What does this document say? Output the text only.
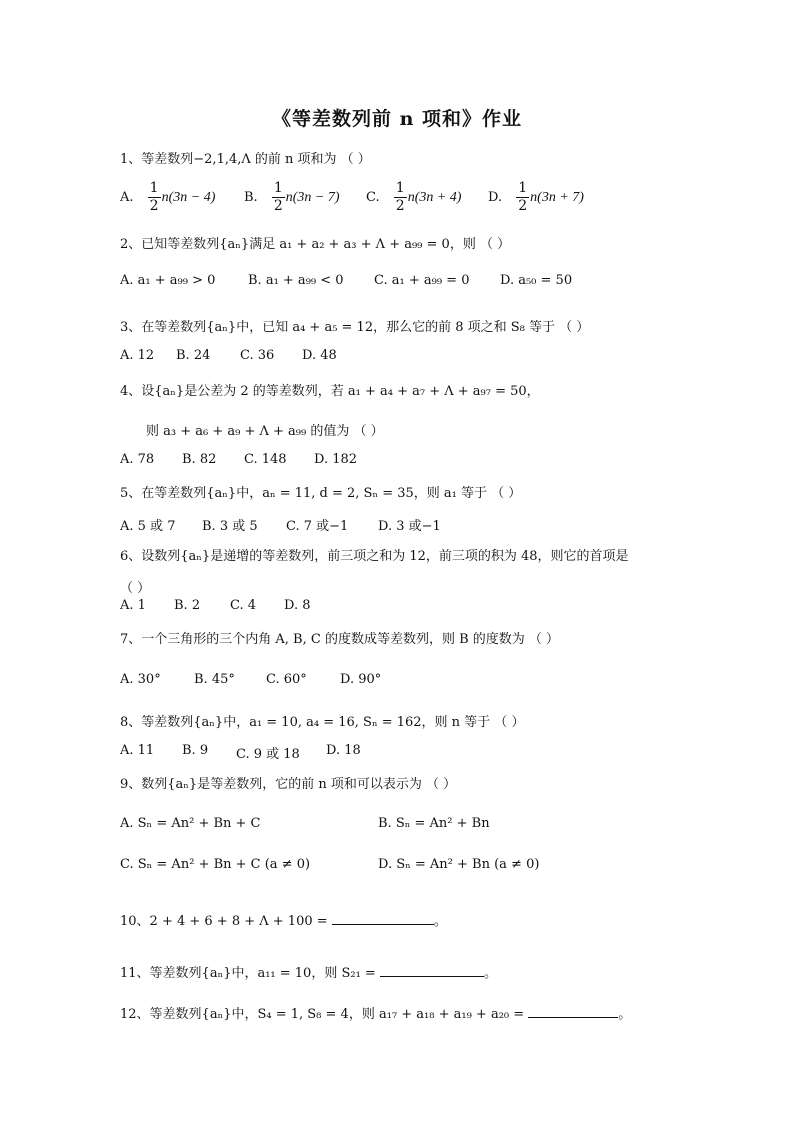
《等差数列前 n 项和》作业
1、等差数列−2,1,4,Λ 的前 n 项和为 （ ）
A. $\frac{1}{2} n(3n - 4)$ B. $\frac{1}{2} n(3n - 7)$ C. $\frac{1}{2} n(3n + 4)$ D. $\frac{1}{2} n(3n + 7)$
2、已知等差数列{aₙ}满足 a₁ + a₂ + a₃ + Λ + a₉₉ = 0，则 （ ）
A. a₁ + a₉₉ > 0	B. a₁ + a₉₉ < 0 C. a₁ + a₉₉ = 0 D. a₅₀ = 50
3、在等差数列{aₙ}中，已知 a₄ + a₅ = 12，那么它的前 8 项之和 S₈ 等于 （ ）
A. 12 B. 24 C. 36 D. 48
4、设{aₙ}是公差为 2 的等差数列，若 a₁ + a₄ + a₇ + Λ + a₉₇ = 50，
则 a₃ + a₆ + a₉ + Λ + a₉₉ 的值为 （ ）
A. 78 B. 82 C. 148 D. 182
5、在等差数列{aₙ}中，aₙ = 11, d = 2, Sₙ = 35，则 a₁ 等于 （ ）
A. 5 或 7 B. 3 或 5 C. 7 或−1 D. 3 或−1
6、设数列{aₙ}是递增的等差数列，前三项之和为 12，前三项的积为 48，则它的首项是
（ ）
A. 1 B. 2 C. 4 D. 8
7、一个三角形的三个内角 A, B, C 的度数成等差数列，则 B 的度数为 （ ）
A. 30°	B. 45° C. 60°	D. 90°
8、等差数列{aₙ}中，a₁ = 10, a₄ = 16, Sₙ = 162，则 n 等于 （ ）
A. 11 B. 9 C. 9 或 18 D. 18
9、数列{aₙ}是等差数列，它的前 n 项和可以表示为 （ ）
A. Sₙ = An² + Bn + C	B. Sₙ = An² + Bn
C. Sₙ = An² + Bn + C (a ≠ 0)	D. Sₙ = An² + Bn (a ≠ 0)
10、2 + 4 + 6 + 8 + Λ + 100 =	。
11、等差数列{aₙ}中，a₁₁ = 10，则 S₂₁ =	。
12、等差数列{aₙ}中，S₄ = 1, S₈ = 4，则 a₁₇ + a₁₈ + a₁₉ + a₂₀ =	。
